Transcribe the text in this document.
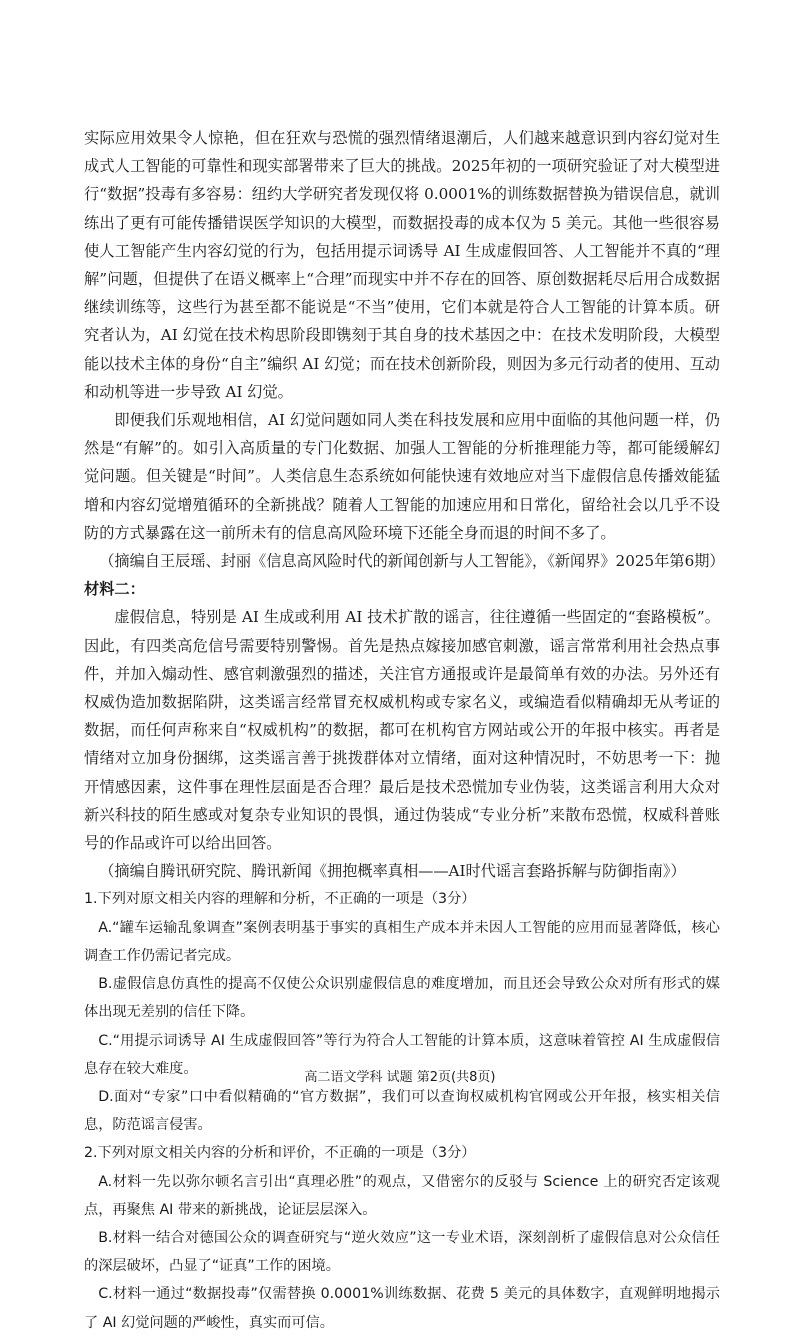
实际应用效果令人惊艳，但在狂欢与恐慌的强烈情绪退潮后，人们越来越意识到内容幻觉对生成式人工智能的可靠性和现实部署带来了巨大的挑战。2025年初的一项研究验证了对大模型进行“数据”投毒有多容易：纽约大学研究者发现仅将 0.0001%的训练数据替换为错误信息，就训练出了更有可能传播错误医学知识的大模型，而数据投毒的成本仅为 5 美元。其他一些很容易使人工智能产生内容幻觉的行为，包括用提示词诱导 AI 生成虚假回答、人工智能并不真的“理解”问题，但提供了在语义概率上“合理”而现实中并不存在的回答、原创数据耗尽后用合成数据继续训练等，这些行为甚至都不能说是“不当”使用，它们本就是符合人工智能的计算本质。研究者认为，AI 幻觉在技术构思阶段即镌刻于其自身的技术基因之中：在技术发明阶段，大模型能以技术主体的身份“自主”编织 AI 幻觉；而在技术创新阶段，则因为多元行动者的使用、互动和动机等进一步导致 AI 幻觉。

即便我们乐观地相信，AI 幻觉问题如同人类在科技发展和应用中面临的其他问题一样，仍然是“有解”的。如引入高质量的专门化数据、加强人工智能的分析推理能力等，都可能缓解幻觉问题。但关键是“时间”。人类信息生态系统如何能快速有效地应对当下虚假信息传播效能猛增和内容幻觉增殖循环的全新挑战？随着人工智能的加速应用和日常化，留给社会以几乎不设防的方式暴露在这一前所未有的信息高风险环境下还能全身而退的时间不多了。

（摘编自王辰瑶、封丽《信息高风险时代的新闻创新与人工智能》，《新闻界》2025年第6期）

材料二：

虚假信息，特别是 AI 生成或利用 AI 技术扩散的谣言，往往遵循一些固定的“套路模板”。因此，有四类高危信号需要特别警惕。首先是热点嫁接加感官刺激，谣言常常利用社会热点事件，并加入煽动性、感官刺激强烈的描述，关注官方通报或许是最简单有效的办法。另外还有权威伪造加数据陷阱，这类谣言经常冒充权威机构或专家名义，或编造看似精确却无从考证的数据，而任何声称来自“权威机构”的数据，都可在机构官方网站或公开的年报中核实。再者是情绪对立加身份捆绑，这类谣言善于挑拨群体对立情绪，面对这种情况时，不妨思考一下：抛开情感因素，这件事在理性层面是否合理？最后是技术恐慌加专业伪装，这类谣言利用大众对新兴科技的陌生感或对复杂专业知识的畏惧，通过伪装成“专业分析”来散布恐慌，权威科普账号的作品或许可以给出回答。

（摘编自腾讯研究院、腾讯新闻《拥抱概率真相——AI时代谣言套路拆解与防御指南》）

1.下列对原文相关内容的理解和分析，不正确的一项是（3分）

A.“罐车运输乱象调查”案例表明基于事实的真相生产成本并未因人工智能的应用而显著降低，核心调查工作仍需记者完成。

B.虚假信息仿真性的提高不仅使公众识别虚假信息的难度增加，而且还会导致公众对所有形式的媒体出现无差别的信任下降。

C.“用提示词诱导 AI 生成虚假回答”等行为符合人工智能的计算本质，这意味着管控 AI 生成虚假信息存在较大难度。

D.面对“专家”口中看似精确的“官方数据”，我们可以查询权威机构官网或公开年报，核实相关信息，防范谣言侵害。

2.下列对原文相关内容的分析和评价，不正确的一项是（3分）

A.材料一先以弥尔顿名言引出“真理必胜”的观点，又借密尔的反驳与 Science 上的研究否定该观点，再聚焦 AI 带来的新挑战，论证层层深入。

B.材料一结合对德国公众的调查研究与“逆火效应”这一专业术语，深刻剖析了虚假信息对公众信任的深层破坏，凸显了“证真”工作的困境。

C.材料一通过“数据投毒”仅需替换 0.0001%训练数据、花费 5 美元的具体数字，直观鲜明地揭示了 AI 幻觉问题的严峻性，真实而可信。

高二语文学科 试题 第2页(共8页)
